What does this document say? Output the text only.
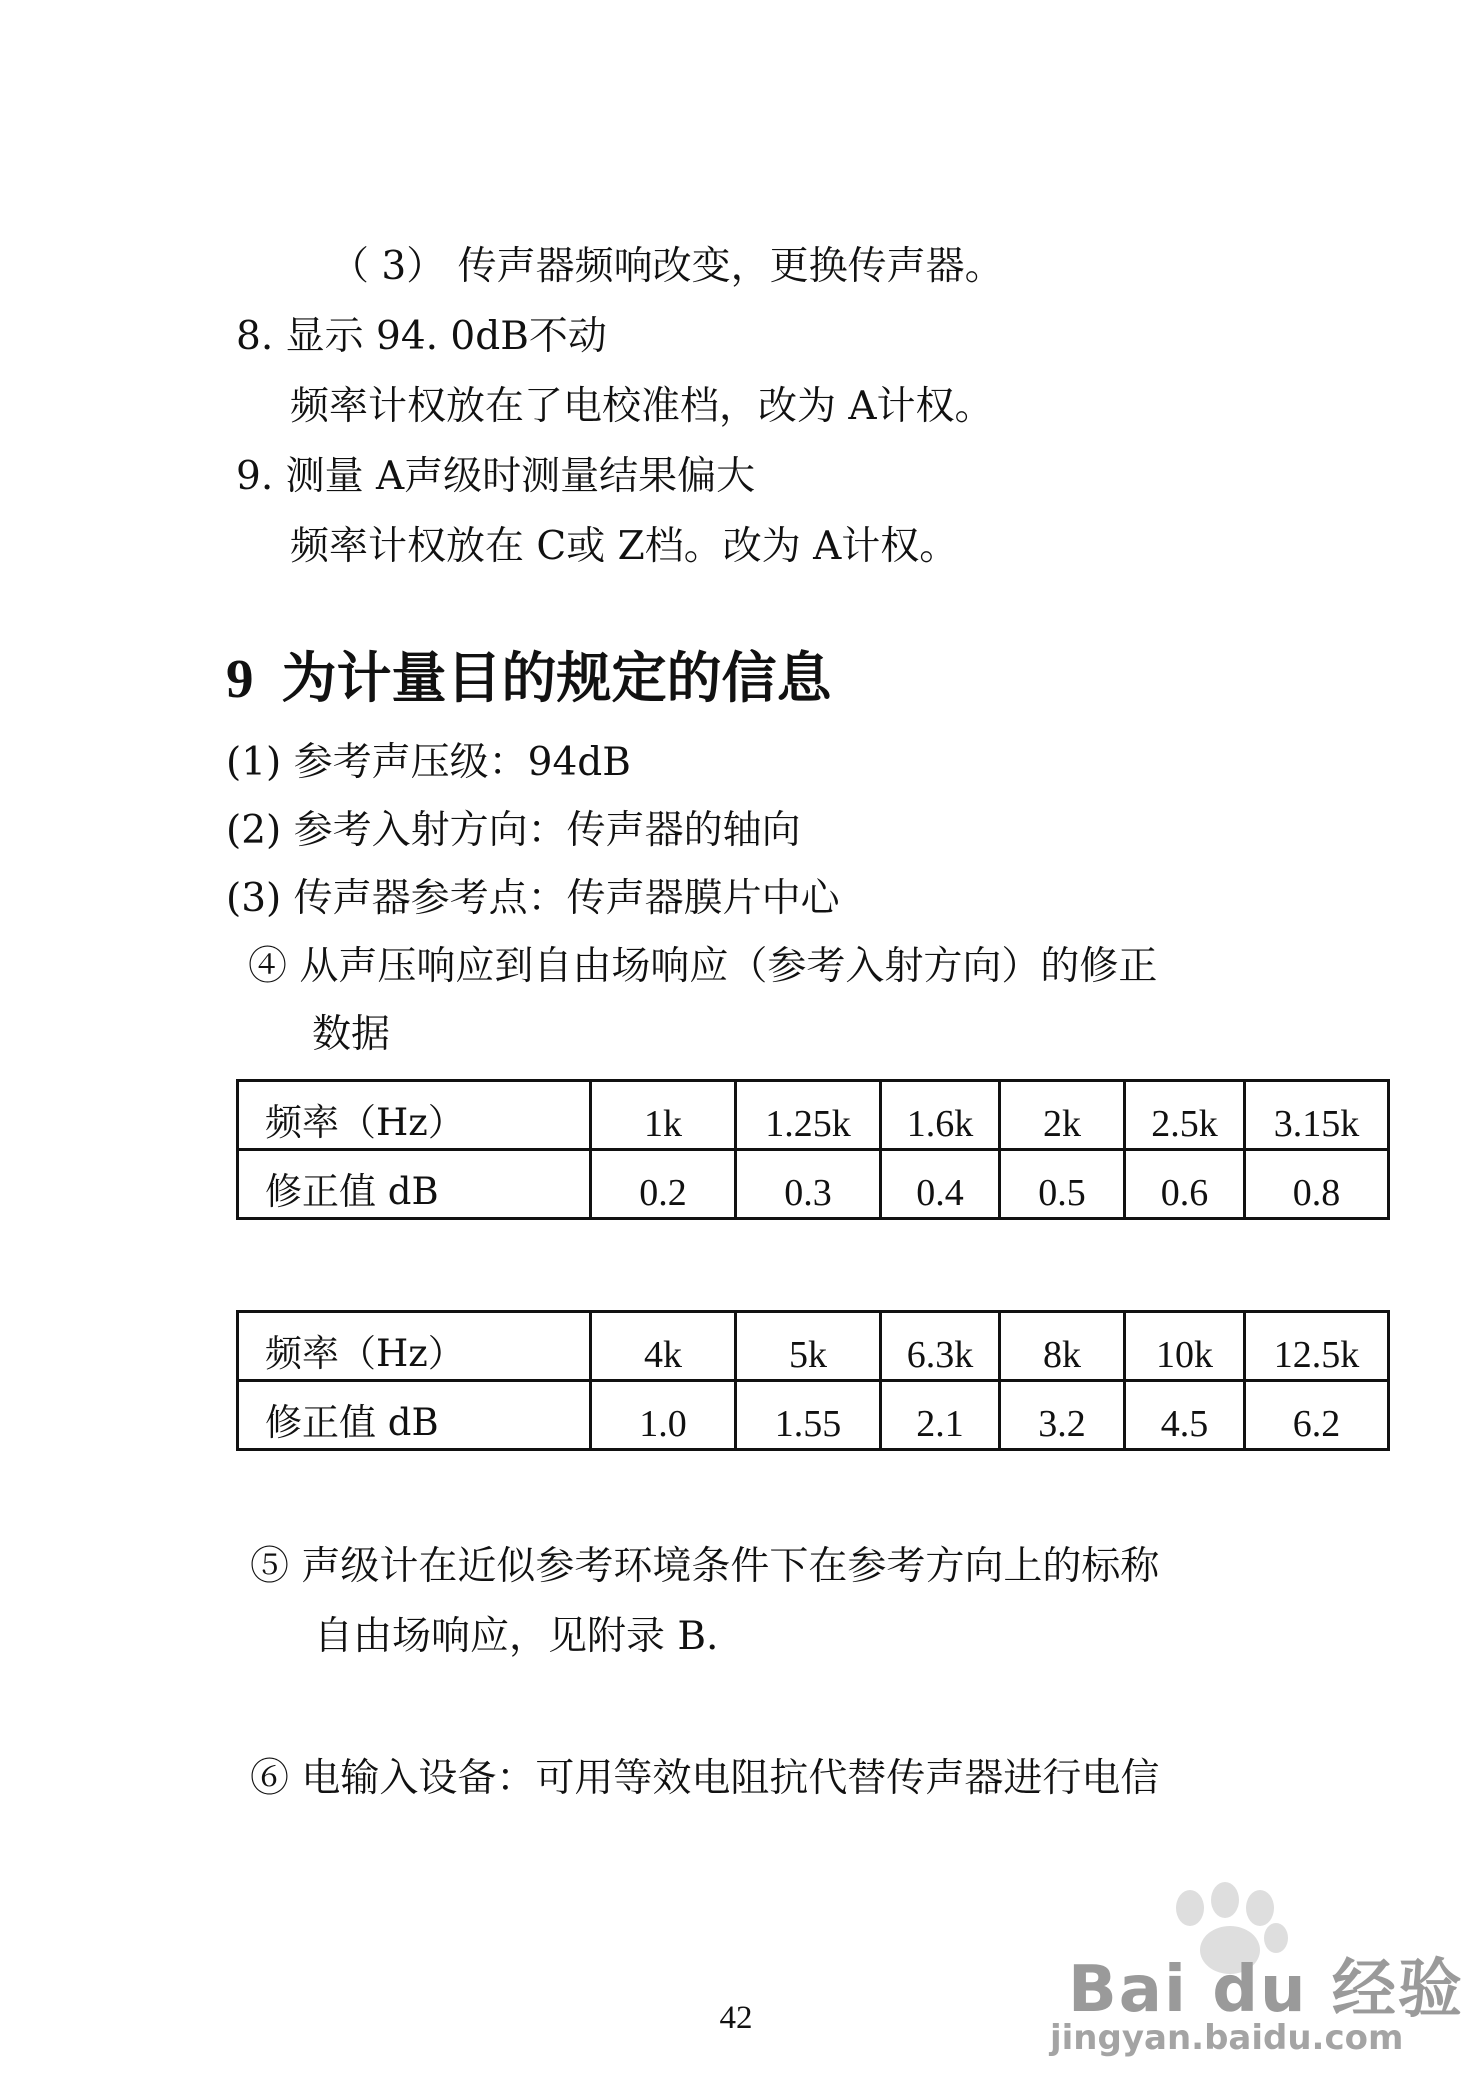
（ 3） 传声器频响改变，更换传声器。
8. 显示 94. 0dB不动
频率计权放在了电校准档，改为 A计权。
9. 测量 A声级时测量结果偏大
频率计权放在 C或 Z档。改为 A计权。
9 为计量目的规定的信息
(1) 参考声压级：94dB
(2) 参考入射方向：传声器的轴向
(3) 传声器参考点：传声器膜片中心
④ 从声压响应到自由场响应（参考入射方向）的修正
数据
频率（Hz）	1k	1.25k	1.6k	2k	2.5k	3.15k
修正值 dB	0.2	0.3	0.4	0.5	0.6	0.8
频率（Hz）	4k	5k	6.3k	8k	10k	12.5k
修正值 dB	1.0	1.55	2.1	3.2	4.5	6.2
⑤ 声级计在近似参考环境条件下在参考方向上的标称
自由场响应，见附录 B.
⑥ 电输入设备：可用等效电阻抗代替传声器进行电信
Bai du 经验
jingyan.baidu.com
42
